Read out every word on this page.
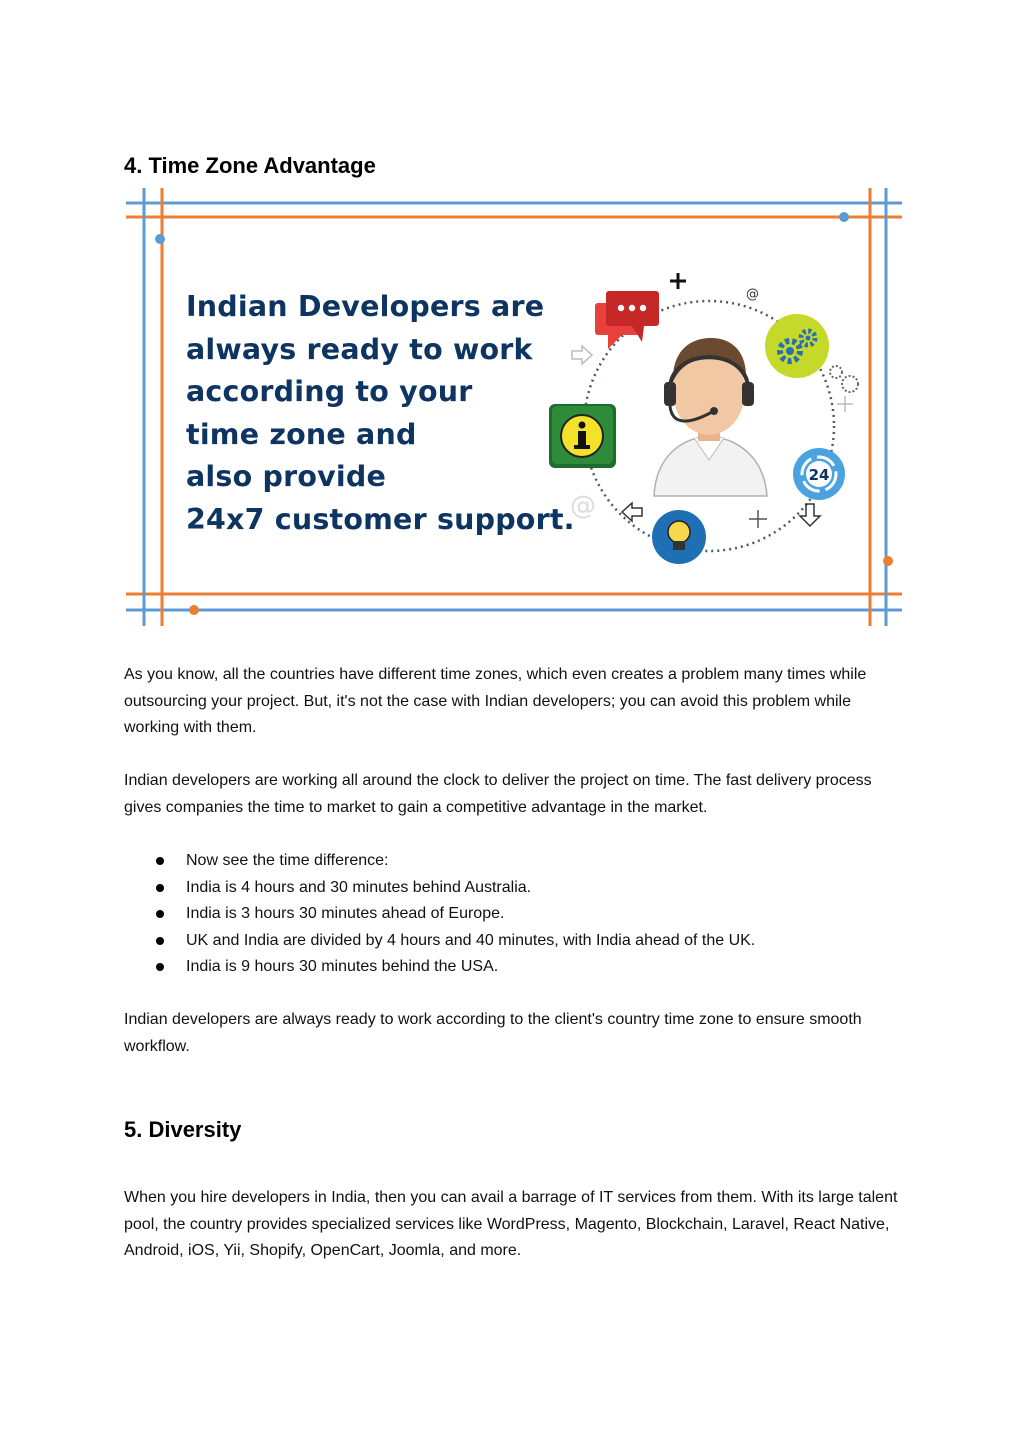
4. Time Zone Advantage
@
@
24

Indian Developers are

always ready to work

according to your

time zone and

also provide

24x7 customer support.

As you know, all the countries have different time zones, which even creates a problem many times while outsourcing your project. But, it's not the case with Indian developers; you can avoid this problem while working with them.

Indian developers are working all around the clock to deliver the project on time. The fast delivery process gives companies the time to market to gain a competitive advantage in the market.

Now see the time difference:
India is 4 hours and 30 minutes behind Australia.
India is 3 hours 30 minutes ahead of Europe.
UK and India are divided by 4 hours and 40 minutes, with India ahead of the UK.
India is 9 hours 30 minutes behind the USA.

Indian developers are always ready to work according to the client's country time zone to ensure smooth workflow.

5. Diversity

When you hire developers in India, then you can avail a barrage of IT services from them. With its large talent pool, the country provides specialized services like WordPress, Magento, Blockchain, Laravel, React Native, Android, iOS, Yii, Shopify, OpenCart, Joomla, and more.
